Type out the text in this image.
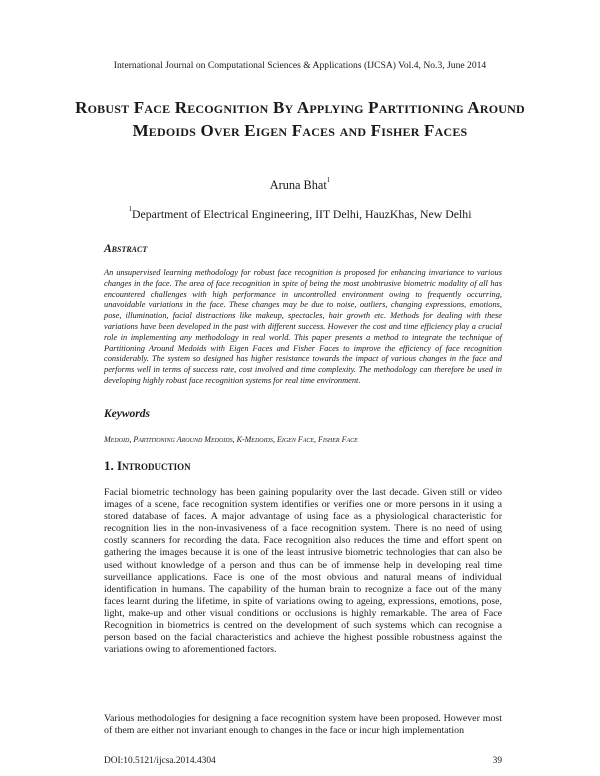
International Journal on Computational Sciences & Applications (IJCSA) Vol.4, No.3, June 2014
Robust Face Recognition By Applying Partitioning Around Medoids Over Eigen Faces and Fisher Faces
Aruna Bhat$^1$
$^1$Department of Electrical Engineering, IIT Delhi, HauzKhas, New Delhi
Abstract
An unsupervised learning methodology for robust face recognition is proposed for enhancing invariance to various changes in the face. The area of face recognition in spite of being the most unobtrusive biometric modality of all has encountered challenges with high performance in uncontrolled environment owing to frequently occurring, unavoidable variations in the face. These changes may be due to noise, outliers, changing expressions, emotions, pose, illumination, facial distractions like makeup, spectacles, hair growth etc. Methods for dealing with these variations have been developed in the past with different success. However the cost and time efficiency play a crucial role in implementing any methodology in real world. This paper presents a method to integrate the technique of Partitioning Around Medoids with Eigen Faces and Fisher Faces to improve the efficiency of face recognition considerably. The system so designed has higher resistance towards the impact of various changes in the face and performs well in terms of success rate, cost involved and time complexity. The methodology can therefore be used in developing highly robust face recognition systems for real time environment.
Keywords
Medoid, Partitioning Around Medoids, K-Medoids, Eigen Face, Fisher Face
1. Introduction
Facial biometric technology has been gaining popularity over the last decade. Given still or video images of a scene, face recognition system identifies or verifies one or more persons in it using a stored database of faces. A major advantage of using face as a physiological characteristic for recognition lies in the non-invasiveness of a face recognition system. There is no need of using costly scanners for recording the data. Face recognition also reduces the time and effort spent on gathering the images because it is one of the least intrusive biometric technologies that can also be used without knowledge of a person and thus can be of immense help in developing real time surveillance applications. Face is one of the most obvious and natural means of individual identification in humans. The capability of the human brain to recognize a face out of the many faces learnt during the lifetime, in spite of variations owing to ageing, expressions, emotions, pose, light, make-up and other visual conditions or occlusions is highly remarkable. The area of Face Recognition in biometrics is centred on the development of such systems which can recognise a person based on the facial characteristics and achieve the highest possible robustness against the variations owing to aforementioned factors.
Various methodologies for designing a face recognition system have been proposed. However most of them are either not invariant enough to changes in the face or incur high implementation
DOI:10.5121/ijcsa.2014.4304	39
